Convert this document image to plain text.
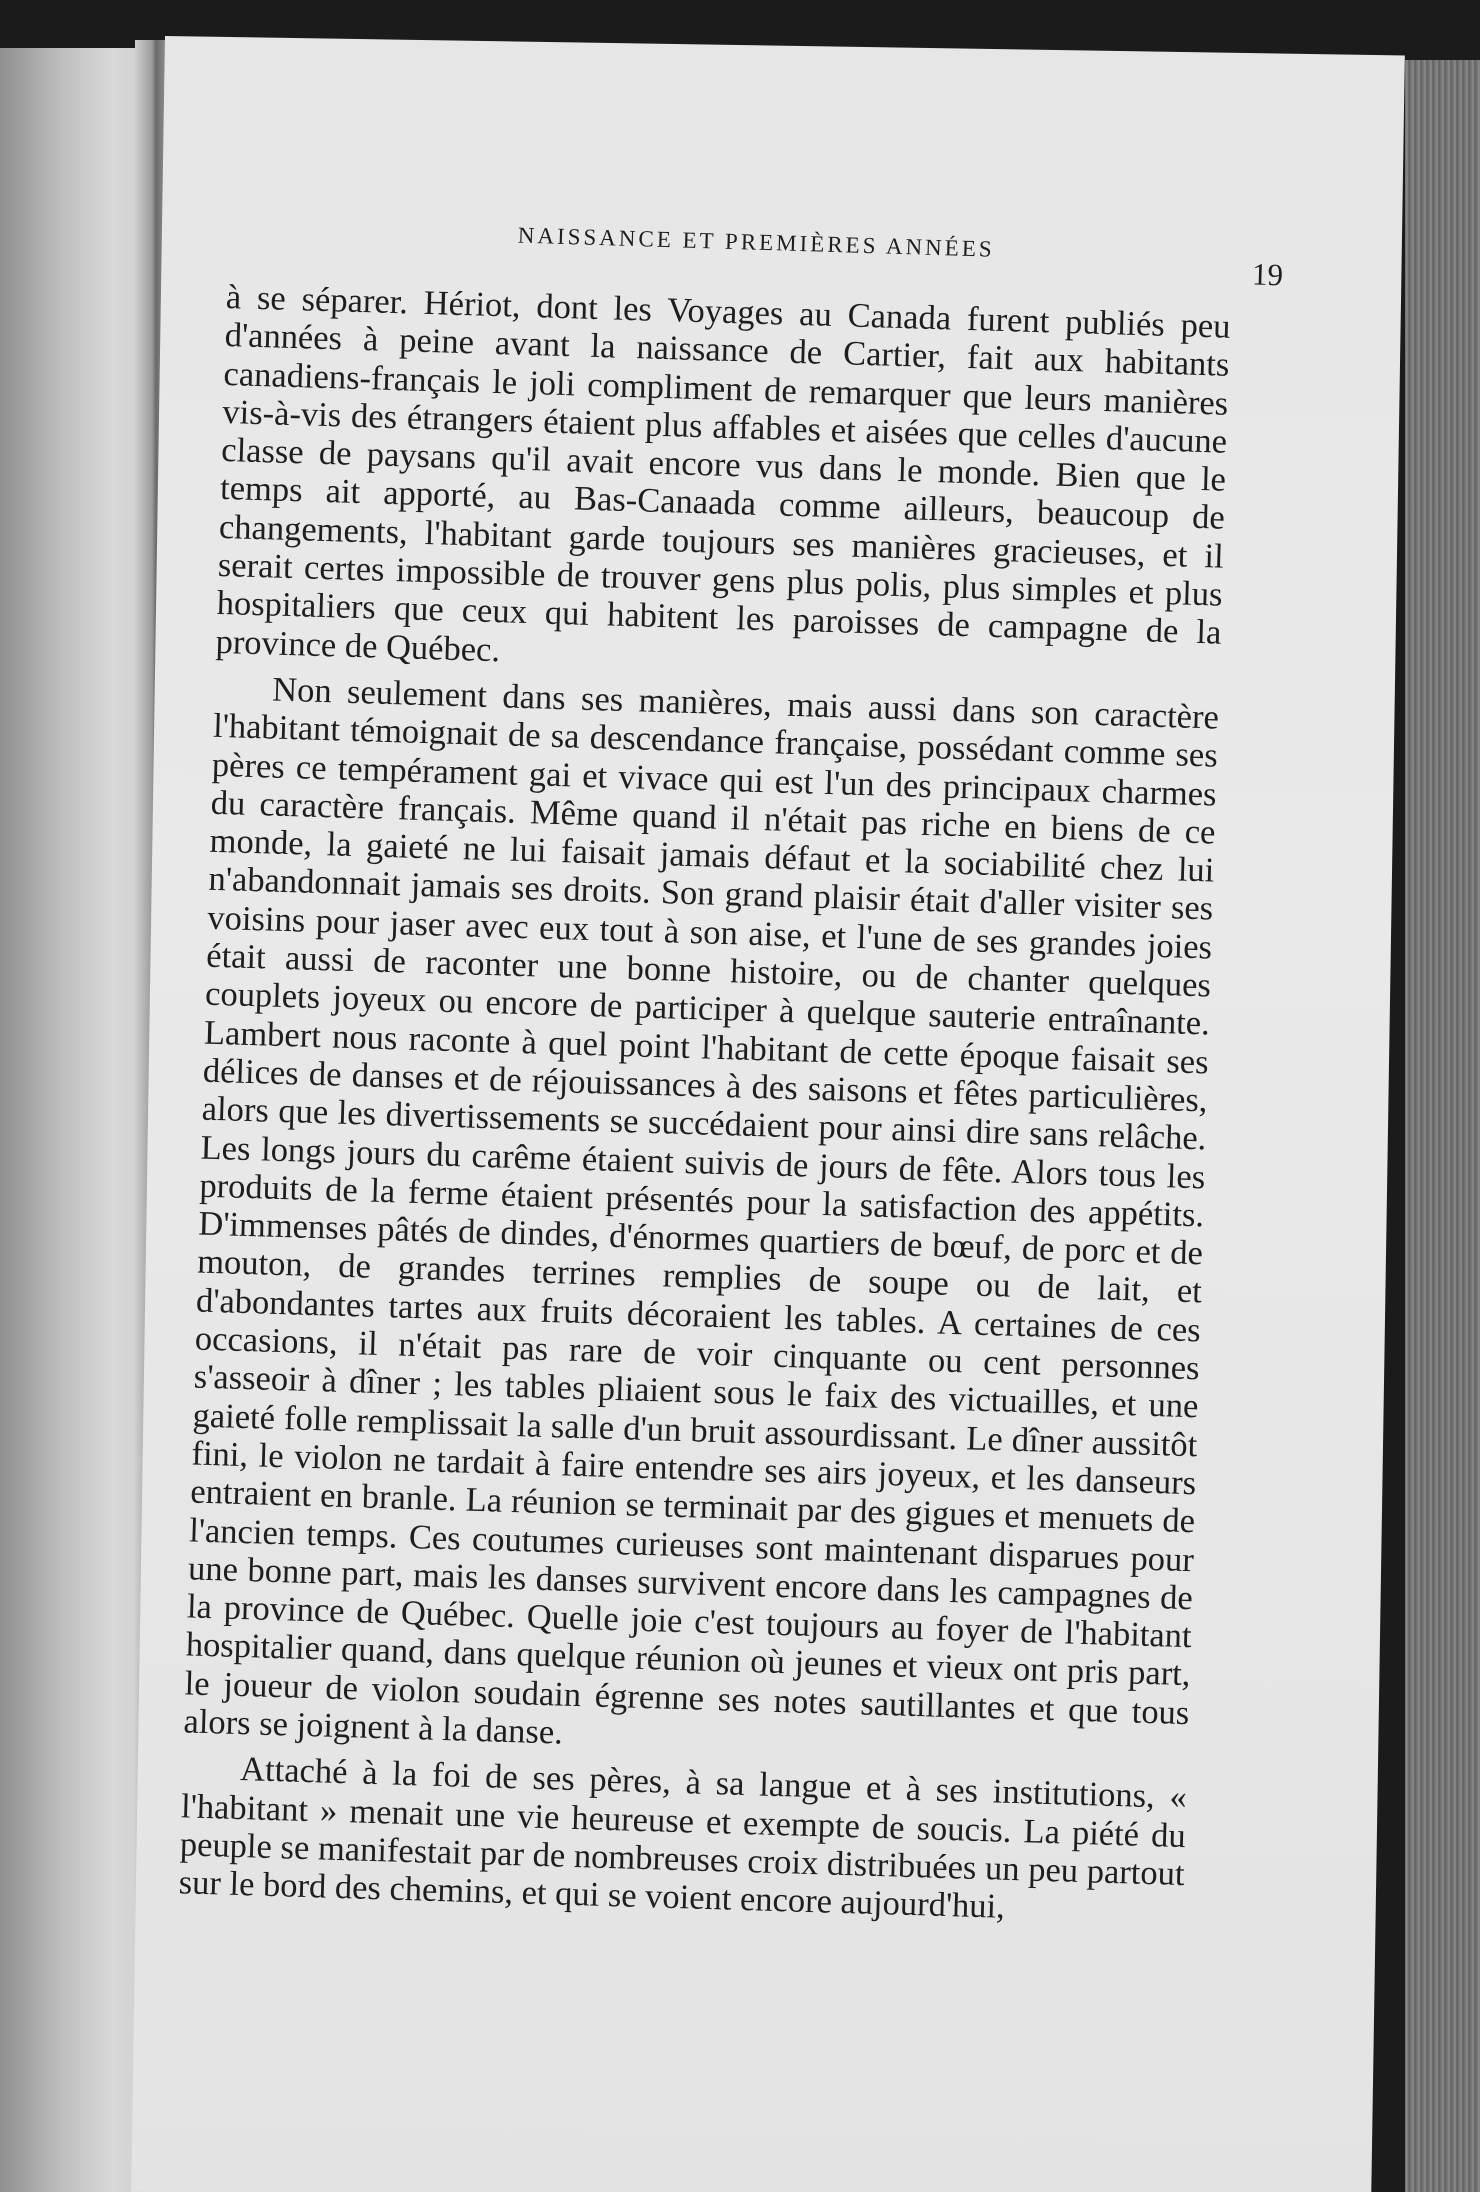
NAISSANCE ET PREMIÈRES ANNÉES
19

à se séparer. Hériot, dont les Voyages au Canada furent publiés peu d'années à peine avant la naissance de Cartier, fait aux habitants canadiens-français le joli compliment de remarquer que leurs manières vis-à-vis des étrangers étaient plus affables et aisées que celles d'aucune classe de paysans qu'il avait encore vus dans le monde. Bien que le temps ait apporté, au Bas-Canaada comme ailleurs, beaucoup de changements, l'habitant garde toujours ses manières gracieuses, et il serait certes impossible de trouver gens plus polis, plus simples et plus hospitaliers que ceux qui habitent les paroisses de campagne de la province de Québec.

Non seulement dans ses manières, mais aussi dans son caractère l'habitant témoignait de sa descendance française, possédant comme ses pères ce tempérament gai et vivace qui est l'un des principaux charmes du caractère français. Même quand il n'était pas riche en biens de ce monde, la gaieté ne lui faisait jamais défaut et la sociabilité chez lui n'abandonnait jamais ses droits. Son grand plaisir était d'aller visiter ses voisins pour jaser avec eux tout à son aise, et l'une de ses grandes joies était aussi de raconter une bonne histoire, ou de chanter quelques couplets joyeux ou encore de participer à quelque sauterie entraînante. Lambert nous raconte à quel point l'habitant de cette époque faisait ses délices de danses et de réjouissances à des saisons et fêtes particulières, alors que les divertissements se succédaient pour ainsi dire sans relâche. Les longs jours du carême étaient suivis de jours de fête. Alors tous les produits de la ferme étaient présentés pour la satisfaction des appétits. D'immenses pâtés de dindes, d'énormes quartiers de bœuf, de porc et de mouton, de grandes terrines remplies de soupe ou de lait, et d'abondantes tartes aux fruits décoraient les tables. A certaines de ces occasions, il n'était pas rare de voir cinquante ou cent personnes s'asseoir à dîner ; les tables pliaient sous le faix des victuailles, et une gaieté folle remplissait la salle d'un bruit assourdissant. Le dîner aussitôt fini, le violon ne tardait à faire entendre ses airs joyeux, et les danseurs entraient en branle. La réunion se terminait par des gigues et menuets de l'ancien temps. Ces coutumes curieuses sont maintenant disparues pour une bonne part, mais les danses survivent encore dans les campagnes de la province de Québec. Quelle joie c'est toujours au foyer de l'habitant hospitalier quand, dans quelque réunion où jeunes et vieux ont pris part, le joueur de violon soudain égrenne ses notes sautillantes et que tous alors se joignent à la danse.

Attaché à la foi de ses pères, à sa langue et à ses institutions, « l'habitant » menait une vie heureuse et exempte de soucis. La piété du peuple se manifestait par de nombreuses croix distribuées un peu partout sur le bord des chemins, et qui se voient encore aujourd'hui,
